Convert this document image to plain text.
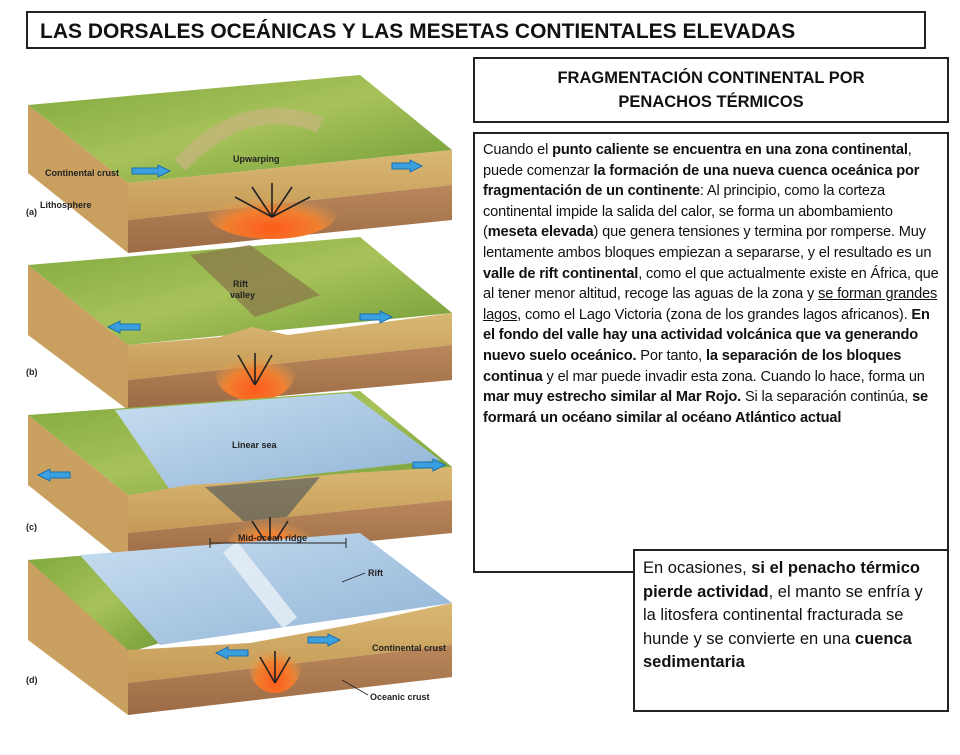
LAS DORSALES OCEÁNICAS Y LAS MESETAS CONTIENTALES ELEVADAS
FRAGMENTACIÓN CONTINENTAL POR PENACHOS TÉRMICOS
Cuando el punto caliente se encuentra en una zona continental, puede comenzar la formación de una nueva cuenca oceánica por fragmentación de un continente: Al principio, como la corteza continental impide la salida del calor, se forma un abombamiento (meseta elevada) que genera tensiones y termina por romperse. Muy lentamente ambos bloques empiezan a separarse, y el resultado es un valle de rift continental, como el que actualmente existe en África, que al tener menor altitud, recoge las aguas de la zona y se forman grandes lagos, como el Lago Victoria (zona de los grandes lagos africanos). En el fondo del valle hay una actividad volcánica que va generando nuevo suelo oceánico. Por tanto, la separación de los bloques continua y el mar puede invadir esta zona. Cuando lo hace, forma un mar muy estrecho similar al Mar Rojo. Si la separación continúa, se formará un océano similar al océano Atlántico actual
En ocasiones, si el penacho térmico pierde actividad, el manto se enfría y la litosfera continental fracturada se hunde y se convierte en una cuenca sedimentaria
Upwarping
Continental crust
Lithosphere
(a)
Rift
valley
(b)
Linear sea
(c)
Mid-ocean ridge
Rift
Continental crust
Oceanic crust
(d)
